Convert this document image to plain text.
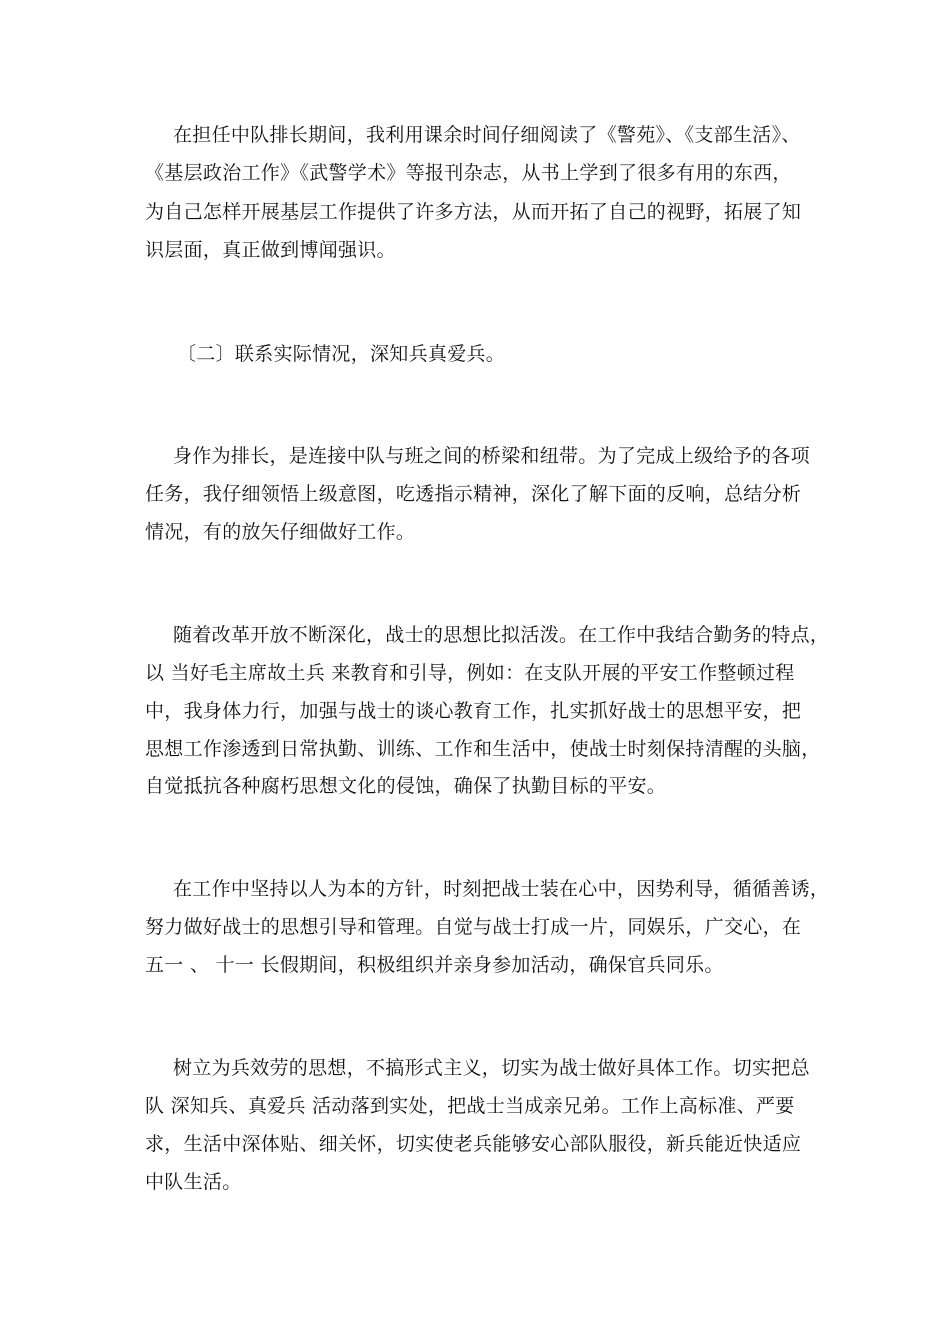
在担任中队排长期间，我利用课余时间仔细阅读了《警苑》、《支部生活》、
《基层政治工作》《武警学术》等报刊杂志，从书上学到了很多有用的东西，
为自己怎样开展基层工作提供了许多方法，从而开拓了自己的视野，拓展了知
识层面，真正做到博闻强识。
〔二〕联系实际情况，深知兵真爱兵。
身作为排长，是连接中队与班之间的桥梁和纽带。为了完成上级给予的各项
任务，我仔细领悟上级意图，吃透指示精神，深化了解下面的反响，总结分析
情况，有的放矢仔细做好工作。
随着改革开放不断深化，战士的思想比拟活泼。在工作中我结合勤务的特点，
以 当好毛主席故土兵 来教育和引导，例如：在支队开展的平安工作整顿过程
中，我身体力行，加强与战士的谈心教育工作，扎实抓好战士的思想平安，把
思想工作渗透到日常执勤、训练、工作和生活中，使战士时刻保持清醒的头脑，
自觉抵抗各种腐朽思想文化的侵蚀，确保了执勤目标的平安。
在工作中坚持以人为本的方针，时刻把战士装在心中，因势利导，循循善诱，
努力做好战士的思想引导和管理。自觉与战士打成一片，同娱乐，广交心，在
五一 、 十一 长假期间，积极组织并亲身参加活动，确保官兵同乐。
树立为兵效劳的思想，不搞形式主义，切实为战士做好具体工作。切实把总
队 深知兵、真爱兵 活动落到实处，把战士当成亲兄弟。工作上高标准、严要
求，生活中深体贴、细关怀，切实使老兵能够安心部队服役，新兵能近快适应
中队生活。
